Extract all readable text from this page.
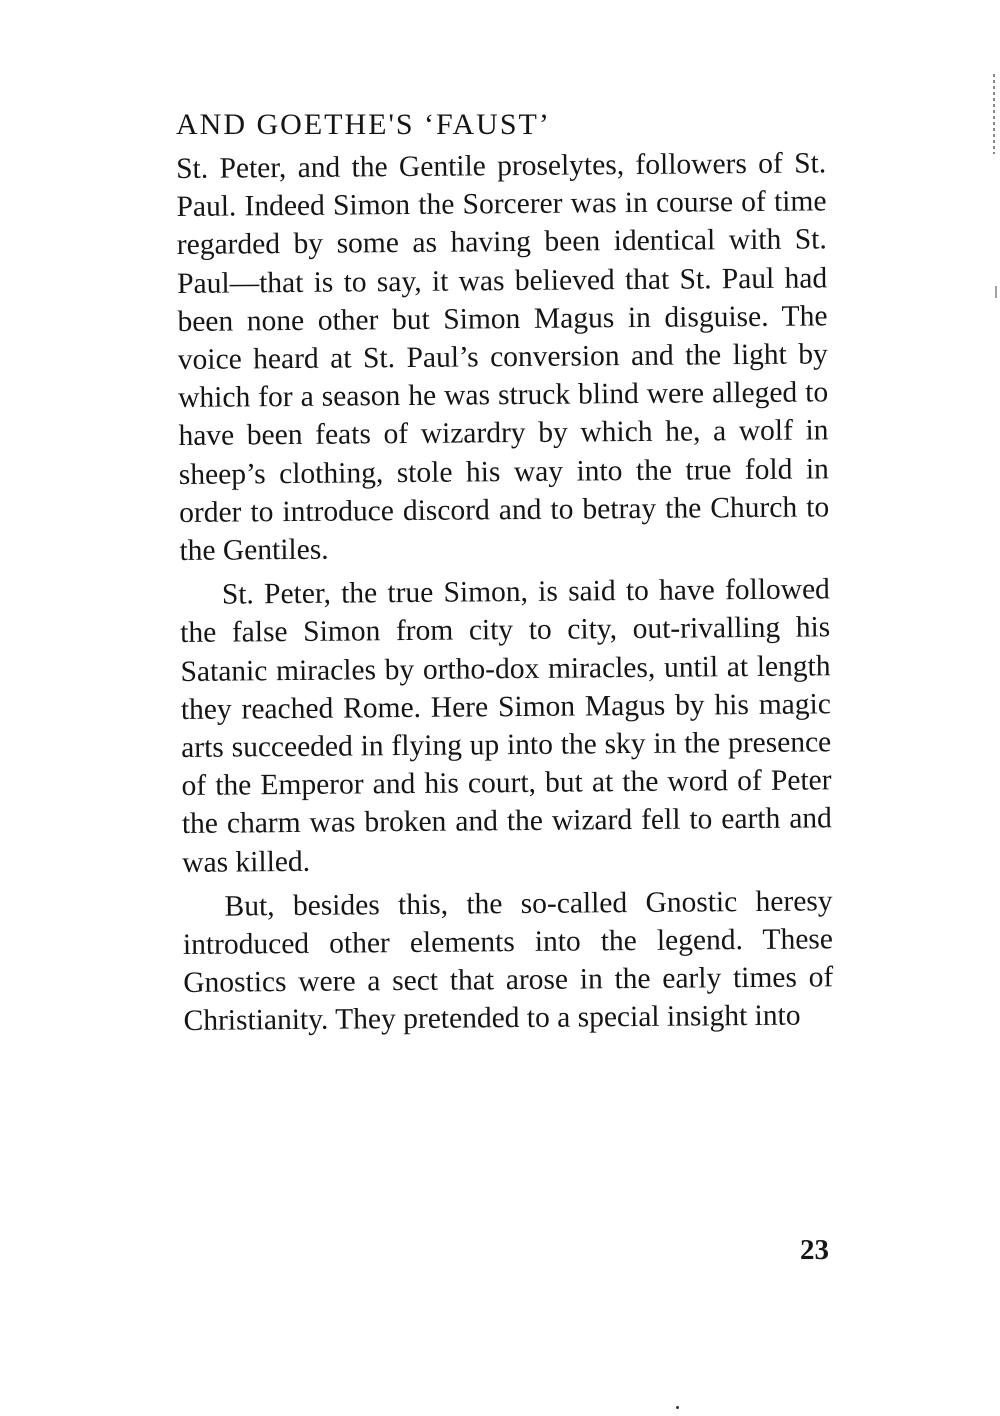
AND GOETHE'S ‘FAUST’

St. Peter, and the Gentile proselytes, followers of St. Paul. Indeed Simon the Sorcerer was in course of time regarded by some as having been identical with St. Paul—that is to say, it was believed that St. Paul had been none other but Simon Magus in disguise. The voice heard at St. Paul’s conversion and the light by which for a season he was struck blind were alleged to have been feats of wizardry by which he, a wolf in sheep’s clothing, stole his way into the true fold in order to introduce discord and to betray the Church to the Gentiles.

St. Peter, the true Simon, is said to have followed the false Simon from city to city, out-rivalling his Satanic miracles by ortho-dox miracles, until at length they reached Rome. Here Simon Magus by his magic arts succeeded in flying up into the sky in the presence of the Emperor and his court, but at the word of Peter the charm was broken and the wizard fell to earth and was killed.

But, besides this, the so-called Gnostic heresy introduced other elements into the legend. These Gnostics were a sect that arose in the early times of Christianity. They pretended to a special insight into

23
